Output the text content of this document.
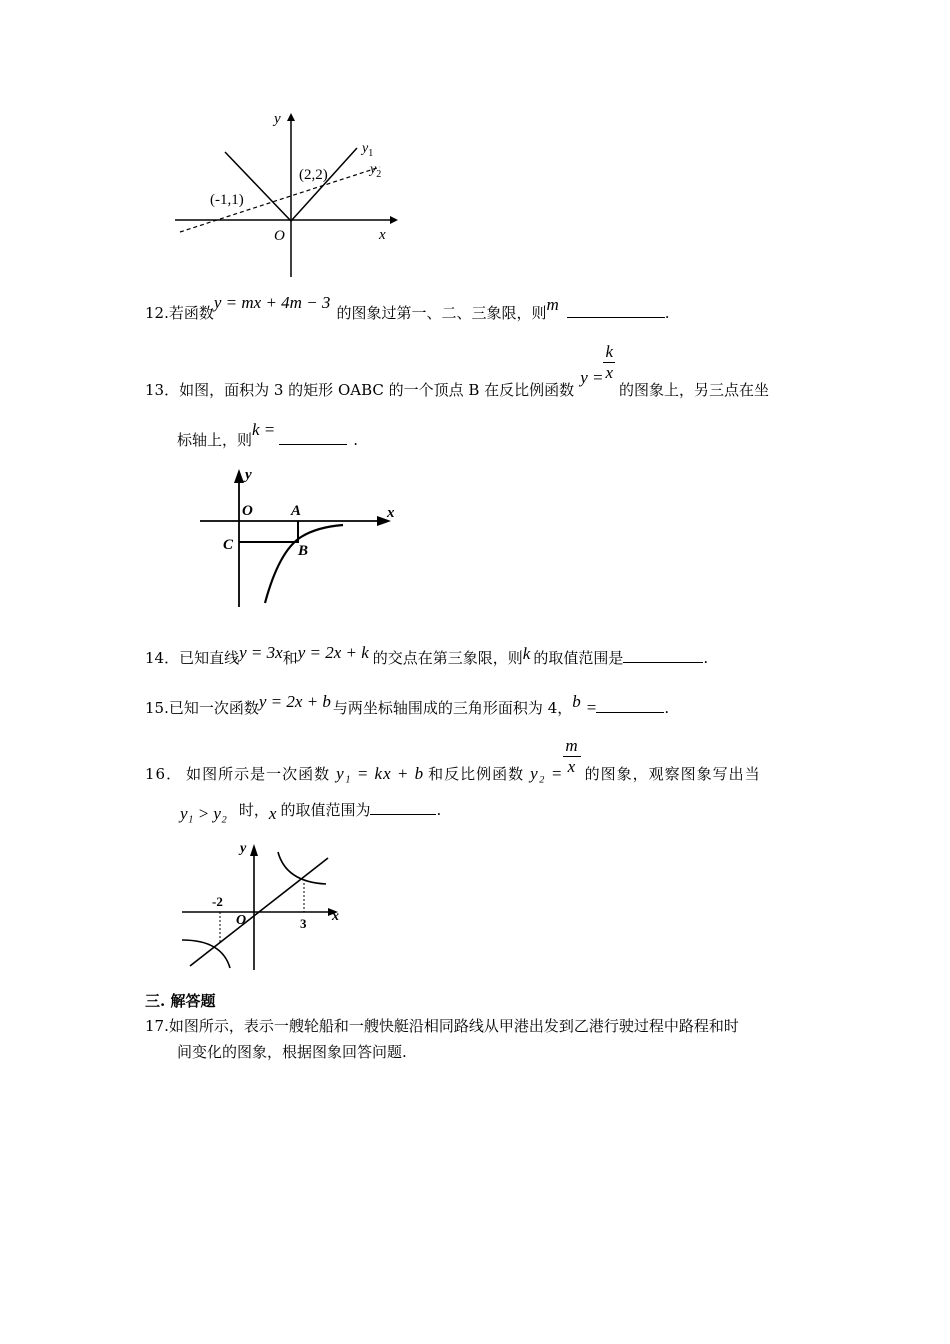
y
x
O
(2,2)
(-1,1)
$y_1$
$y_2$
12.若函数y = mx + 4m − 3的图象过第一、二、三象限，则m	.
13．如图，面积为 3 的矩形 OABC 的一个顶点 B 在反比例函数$y = \frac{k}{x}$
的图象上，另三点在坐
标轴上，则k =.
y
x
O	A
B
C
14．已知直线y = 3x和y = 2x + k 的交点在第三象限，则k 的取值范围是	.
15.已知一次函数y = 2x + b 与两坐标轴围成的三角形面积为 4，b =	.
16． 如图所示是一次函数 y₁ = kx + b 和反比例函数 $y_2 = \frac{m}{x}$ 的图象，观察图象写出当
y₁ > y₂ 时，x 的取值范围为	.
y
x
O
-2
3
三. 解答题
17.如图所示，表示一艘轮船和一艘快艇沿相同路线从甲港出发到乙港行驶过程中路程和时
间变化的图象，根据图象回答问题.
